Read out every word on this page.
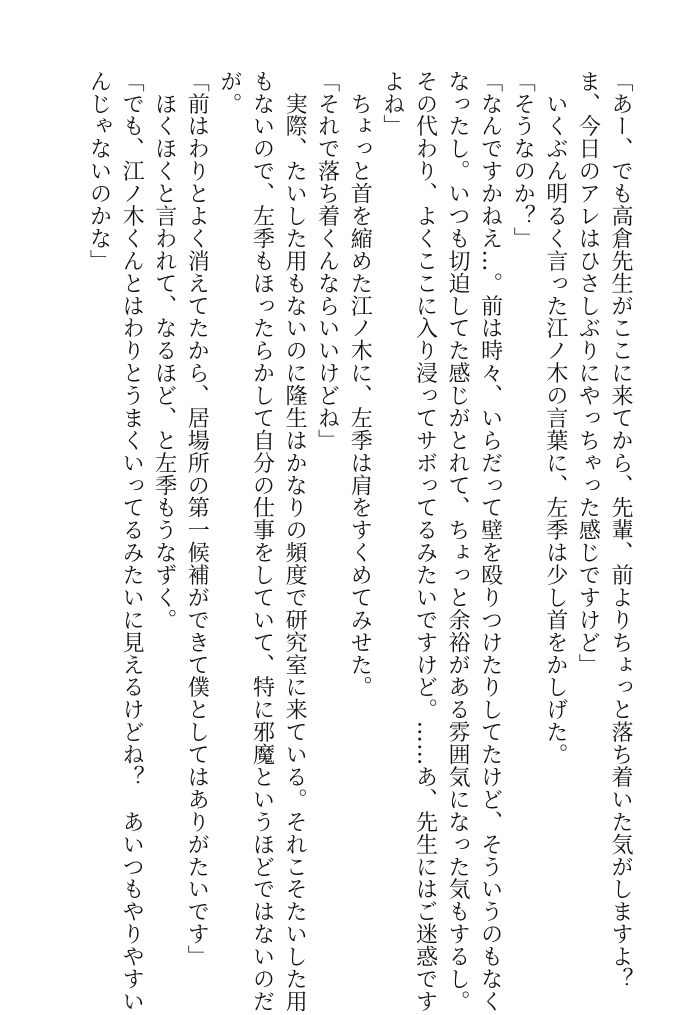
「あー、でも高倉先生がここに来てから、先輩、前よりちょっと落ち着いた気がしますよ？
ま、今日のアレはひさしぶりにやっちゃった感じですけど」
　いくぶん明るく言った江ノ木の言葉に、左季は少し首をかしげた。
「そうなのか？」
「なんですかねえ…。前は時々、いらだって壁を殴りつけたりしてたけど、そういうのもなく
なったし。いつも切迫してた感じがとれて、ちょっと余裕がある雰囲気になった気もするし。
その代わり、よくここに入り浸ってサボってるみたいですけど。……あ、先生にはご迷惑です
よね」
　ちょっと首を縮めた江ノ木に、左季は肩をすくめてみせた。
「それで落ち着くんならいいけどね」
　実際、たいした用もないのに隆生はかなりの頻度で研究室に来ている。それこそたいした用
もないので、左季もほったらかして自分の仕事をしていて、特に邪魔というほどではないのだ
が。
「前はわりとよく消えてたから、居場所の第一候補ができて僕としてはありがたいです」
　ほくほくと言われて、なるほど、と左季もうなずく。
「でも、江ノ木くんとはわりとうまくいってるみたいに見えるけどね？　あいつもやりやすい
んじゃないのかな」
